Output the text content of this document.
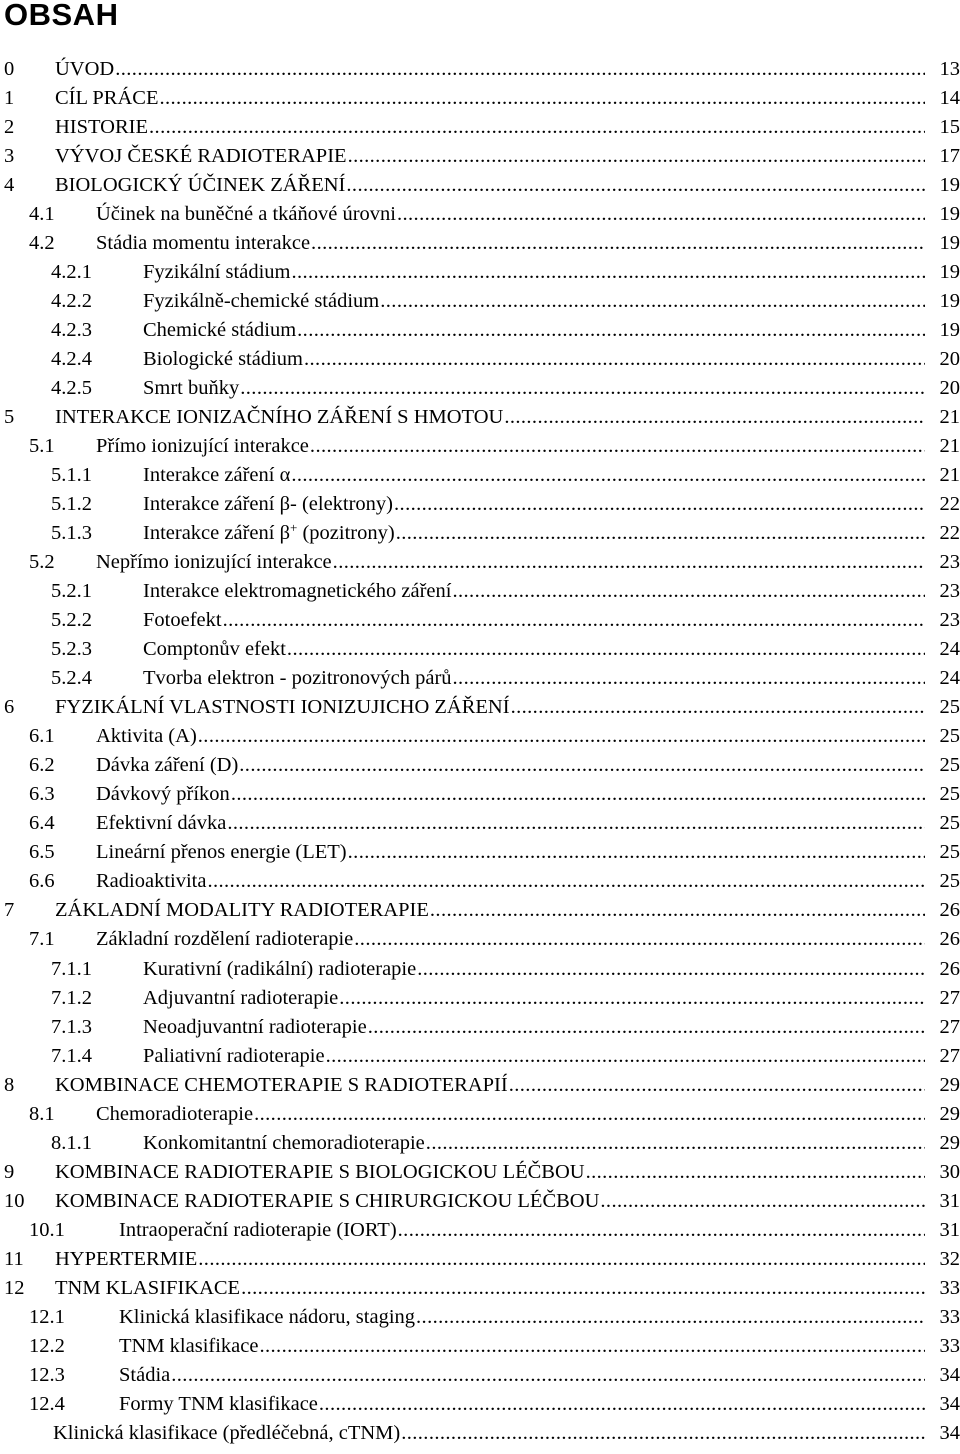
OBSAH
0 ÚVOD .....	13
1 CÍL PRÁCE .....	14
2 HISTORIE .....	15
3 VÝVOJ ČESKÉ RADIOTERAPIE .....	17
4 BIOLOGICKÝ ÚČINEK ZÁŘENÍ .....	19
4.1 Účinek na buněčné a tkáňové úrovni .....	19
4.2 Stádia momentu interakce .....	19
4.2.1 Fyzikální stádium .....	19
4.2.2 Fyzikálně-chemické stádium .....	19
4.2.3 Chemické stádium .....	19
4.2.4 Biologické stádium .....	20
4.2.5 Smrt buňky .....	20
5 INTERAKCE IONIZAČNÍHO ZÁŘENÍ S HMOTOU .....	21
5.1 Přímo ionizující interakce .....	21
5.1.1 Interakce záření α .....	21
5.1.2 Interakce záření β- (elektrony) .....	22
5.1.3 Interakce záření β+ (pozitrony) .....	22
5.2 Nepřímo ionizující interakce .....	23
5.2.1 Interakce elektromagnetického záření .....	23
5.2.2 Fotoefekt .....	23
5.2.3 Comptonův efekt .....	24
5.2.4 Tvorba elektron - pozitronových párů .....	24
6 FYZIKÁLNÍ VLASTNOSTI IONIZUJICHO ZÁŘENÍ .....	25
6.1 Aktivita (A) .....	25
6.2 Dávka záření (D) .....	25
6.3 Dávkový příkon .....	25
6.4 Efektivní dávka .....	25
6.5 Lineární přenos energie (LET) .....	25
6.6 Radioaktivita .....	25
7 ZÁKLADNÍ MODALITY RADIOTERAPIE .....	26
7.1 Základní rozdělení radioterapie .....	26
7.1.1 Kurativní (radikální) radioterapie .....	26
7.1.2 Adjuvantní radioterapie .....	27
7.1.3 Neoadjuvantní radioterapie .....	27
7.1.4 Paliativní radioterapie .....	27
8 KOMBINACE CHEMOTERAPIE S RADIOTERAPIÍ .....	29
8.1 Chemoradioterapie .....	29
8.1.1 Konkomitantní chemoradioterapie .....	29
9 KOMBINACE RADIOTERAPIE S BIOLOGICKOU LÉČBOU .....	30
10 KOMBINACE RADIOTERAPIE S CHIRURGICKOU LÉČBOU .....	31
10.1	Intraoperační radioterapie (IORT) .....	31
11 HYPERTERMIE .....	32
12 TNM KLASIFIKACE .....	33
12.1	Klinická klasifikace nádoru, staging .....	33
12.2	TNM klasifikace .....	33
12.3	Stádia .....	34
12.4	Formy TNM klasifikace .....	34
Klinická klasifikace (předléčebná, cTNM) .....	34
